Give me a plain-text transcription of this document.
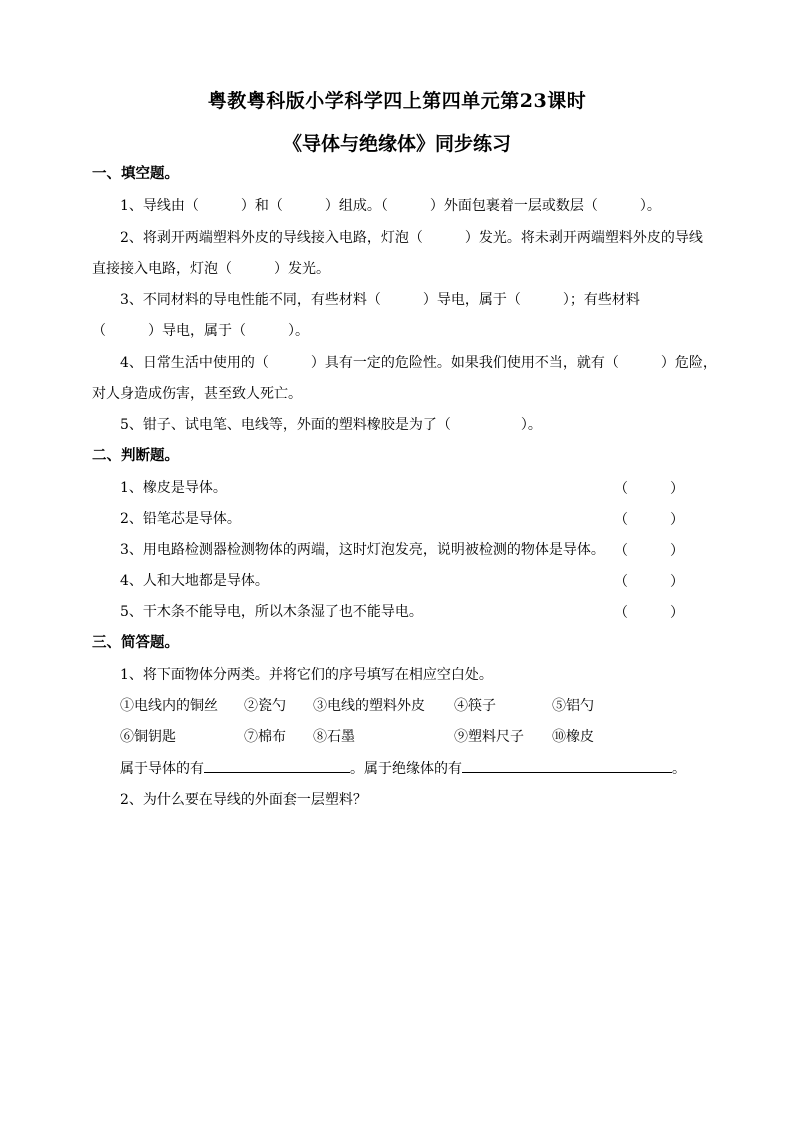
粤教粤科版小学科学四上第四单元第23课时
《导体与绝缘体》同步练习
一、填空题。
1、导线由（　　　）和（　　　）组成。（　　　）外面包裹着一层或数层（　　　）。
2、将剥开两端塑料外皮的导线接入电路，灯泡（　　　）发光。将未剥开两端塑料外皮的导线
直接接入电路，灯泡（　　　）发光。
3、不同材料的导电性能不同，有些材料（　　　）导电，属于（　　　）；有些材料
（　　　）导电，属于（　　　）。
4、日常生活中使用的（　　　）具有一定的危险性。如果我们使用不当，就有（　　　）危险，
对人身造成伤害，甚至致人死亡。
5、钳子、试电笔、电线等，外面的塑料橡胶是为了（　　　　　）。
二、判断题。
1、橡皮是导体。	（　　　）
2、铅笔芯是导体。	（　　　）
3、用电路检测器检测物体的两端，这时灯泡发亮，说明被检测的物体是导体。 （　　　）
4、人和大地都是导体。	（　　　）
5、干木条不能导电，所以木条湿了也不能导电。	（　　　）
三、简答题。
1、将下面物体分两类。并将它们的序号填写在相应空白处。
①电线内的铜丝 ②瓷勺 ③电线的塑料外皮 ④筷子	⑤铝勺
⑥铜钥匙	⑦棉布 ⑧石墨	⑨塑料尺子 ⑩橡皮
属于导体的有	。属于绝缘体的有	。
2、为什么要在导线的外面套一层塑料？
